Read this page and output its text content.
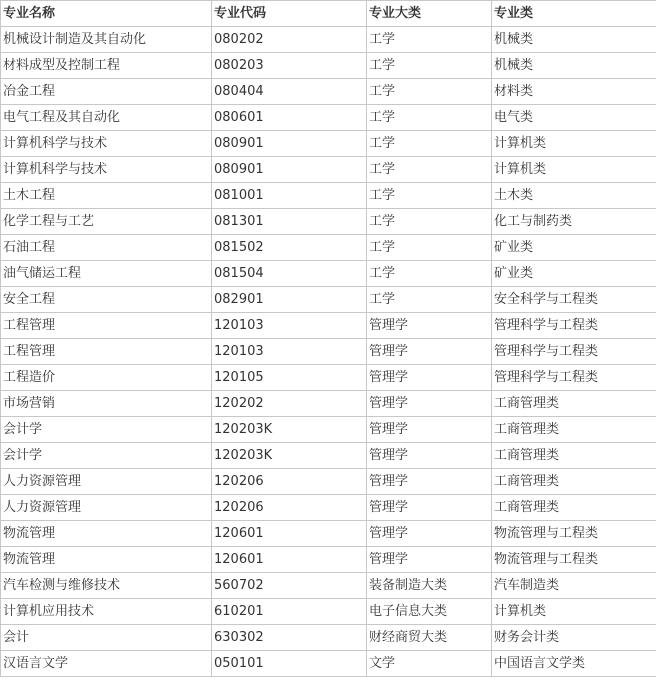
专业名称	专业代码	专业大类	专业类
机械设计制造及其自动化	080202	工学	机械类
材料成型及控制工程	080203	工学	机械类
冶金工程	080404	工学	材料类
电气工程及其自动化	080601	工学	电气类
计算机科学与技术	080901	工学	计算机类
计算机科学与技术	080901	工学	计算机类
土木工程	081001	工学	土木类
化学工程与工艺	081301	工学	化工与制药类
石油工程	081502	工学	矿业类
油气储运工程	081504	工学	矿业类
安全工程	082901	工学	安全科学与工程类
工程管理	120103	管理学	管理科学与工程类
工程管理	120103	管理学	管理科学与工程类
工程造价	120105	管理学	管理科学与工程类
市场营销	120202	管理学	工商管理类
会计学	120203K	管理学	工商管理类
会计学	120203K	管理学	工商管理类
人力资源管理	120206	管理学	工商管理类
人力资源管理	120206	管理学	工商管理类
物流管理	120601	管理学	物流管理与工程类
物流管理	120601	管理学	物流管理与工程类
汽车检测与维修技术	560702	装备制造大类	汽车制造类
计算机应用技术	610201	电子信息大类	计算机类
会计	630302	财经商贸大类	财务会计类
汉语言文学	050101	文学	中国语言文学类
